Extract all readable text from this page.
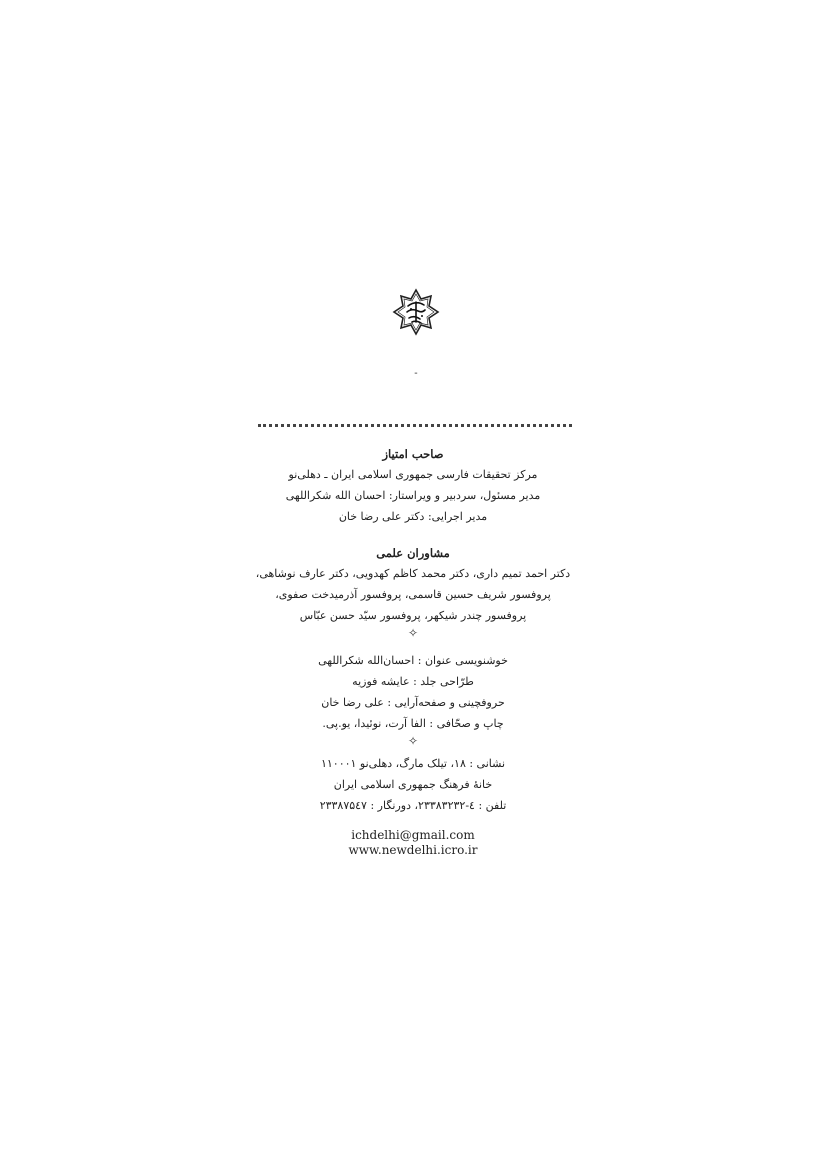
-
صاحب امتیاز
مرکز تحقیقات فارسی جمهوری اسلامی ایران ـ دهلی‌نو
مدیر مسئول، سردبیر و ویراستار: احسان الله شکراللهی
مدیر اجرایی: دکتر علی رضا خان
مشاوران علمی
دکتر احمد تمیم داری، دکتر محمد کاظم کهدویی، دکتر عارف نوشاهی،
پروفسور شریف حسین قاسمی، پروفسور آذرمیدخت صفوی،
پروفسور چندر شیکهر، پروفسور سیّد حسن عبّاس
✧
خوشنویسی عنوان : احسان‌الله شکراللهی
طرّاحی جلد : عایشه فوزیه
حروفچینی و صفحه‌آرایی : علی رضا خان
چاپ و صحّافی : الفا آرت، نوئیدا، یو.پی.
✧
نشانی : ۱۸، تیلک مارگ، دهلی‌نو ۱۱۰۰۰۱
خانهٔ فرهنگ جمهوری اسلامی ایران
تلفن : ٤-۲۳۳۸۳۲۳۲، دورنگار : ۲۳۳۸۷۵٤۷
ichdelhi@gmail.com
www.newdelhi.icro.ir
